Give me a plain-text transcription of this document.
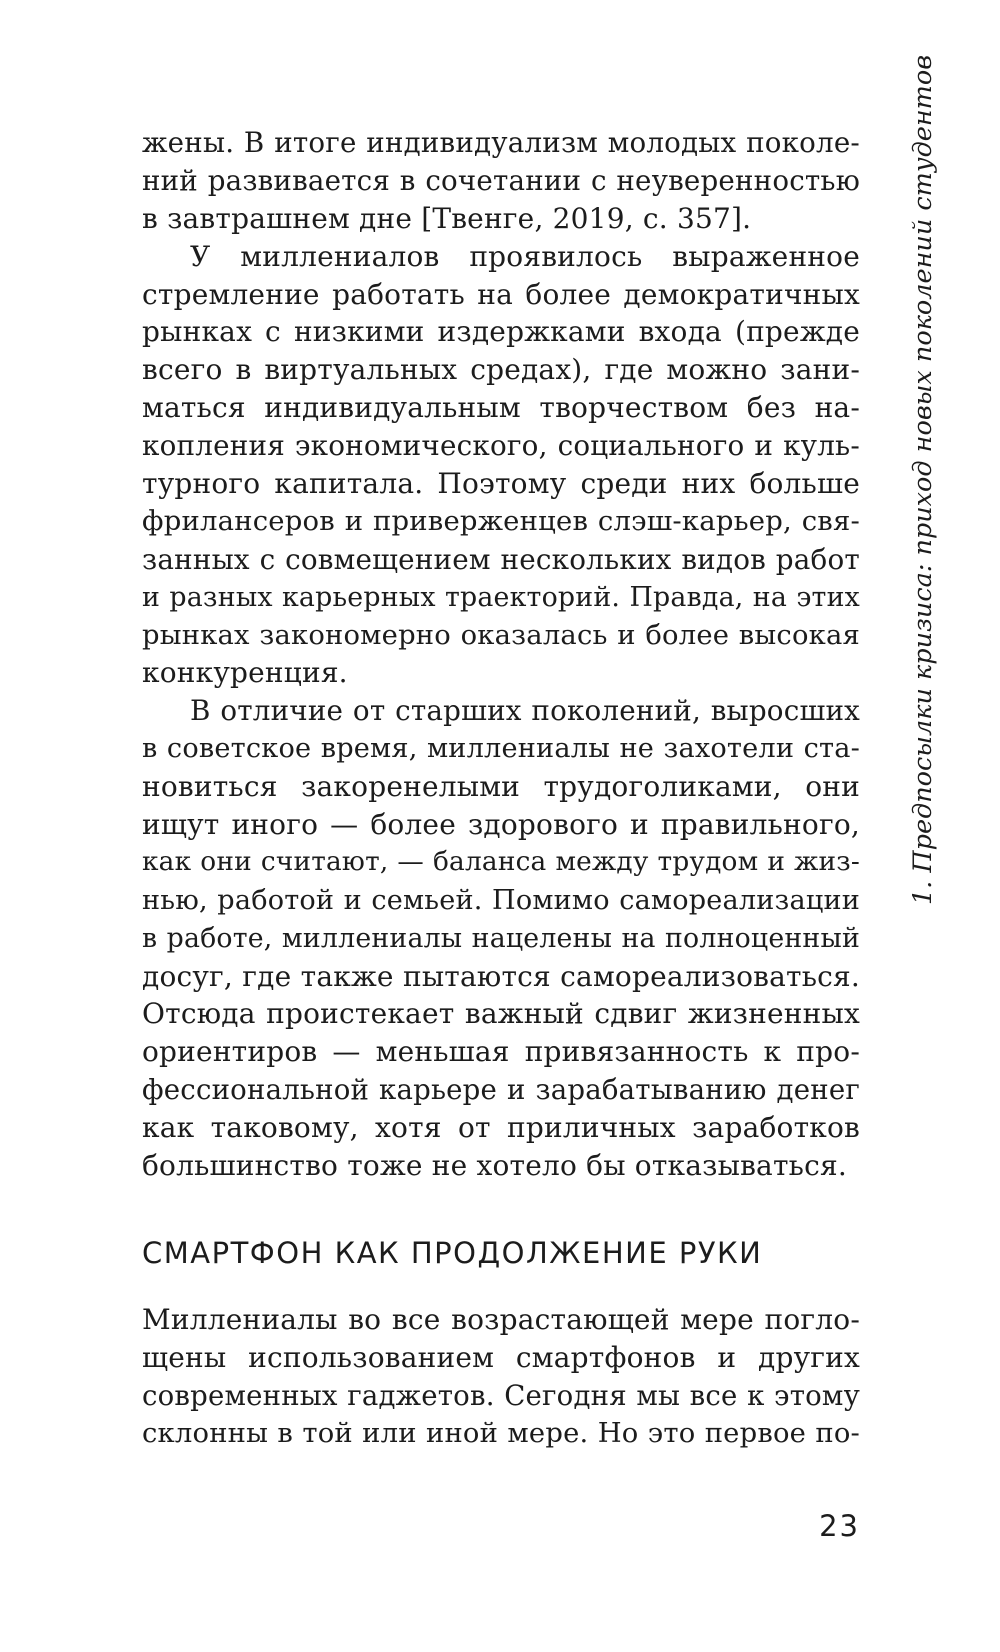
1. Предпосылки кризиса: приход новых поколений студентов
жены. В итоге индивидуализм молодых поколе-
ний развивается в сочетании с неуверенностью
в завтрашнем дне [Твенге, 2019, с. 357].
У миллениалов проявилось выраженное
стремление работать на более демократичных
рынках с низкими издержками входа (прежде
всего в виртуальных средах), где можно зани-
маться индивидуальным творчеством без на-
копления экономического, социального и куль-
турного капитала. Поэтому среди них больше
фрилансеров и приверженцев слэш-карьер, свя-
занных с совмещением нескольких видов работ
и разных карьерных траекторий. Правда, на этих
рынках закономерно оказалась и более высокая
конкуренция.
В отличие от старших поколений, выросших
в советское время, миллениалы не захотели ста-
новиться закоренелыми трудоголиками, они
ищут иного — более здорового и правильного,
как они считают, — баланса между трудом и жиз-
нью, работой и семьей. Помимо самореализации
в работе, миллениалы нацелены на полноценный
досуг, где также пытаются самореализоваться.
Отсюда проистекает важный сдвиг жизненных
ориентиров — меньшая привязанность к про-
фессиональной карьере и зарабатыванию денег
как таковому, хотя от приличных заработков
большинство тоже не хотело бы отказываться.
СМАРТФОН КАК ПРОДОЛЖЕНИЕ РУКИ
Миллениалы во все возрастающей мере погло-
щены использованием смартфонов и других
современных гаджетов. Сегодня мы все к этому
склонны в той или иной мере. Но это первое по-
23
